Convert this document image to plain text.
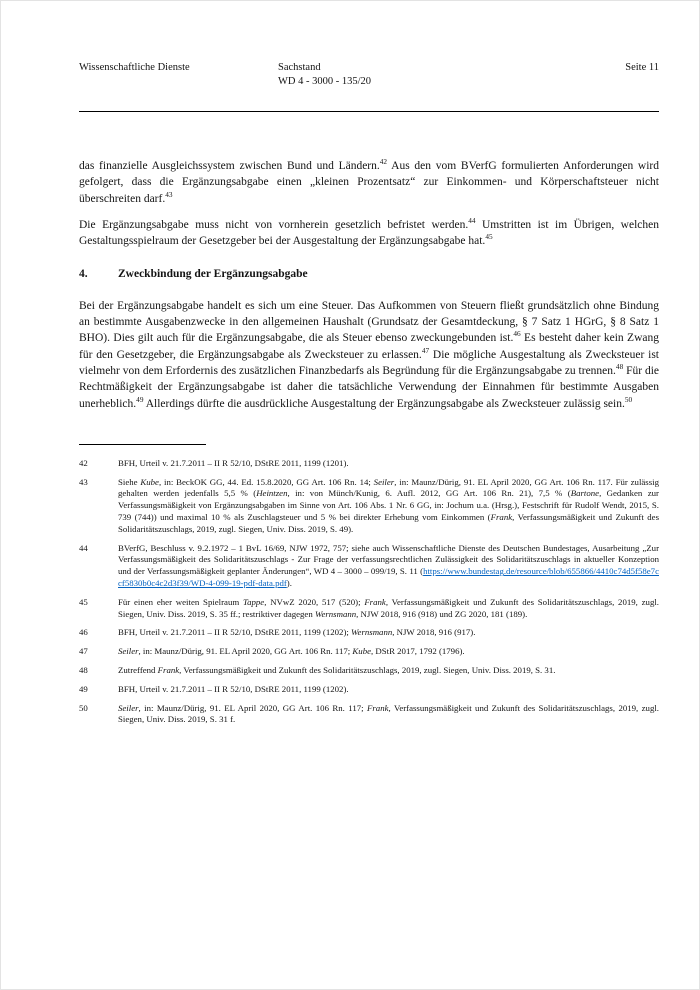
Wissenschaftliche Dienste	Sachstand
WD 4 - 3000 - 135/20
Seite 11

das finanzielle Ausgleichssystem zwischen Bund und Ländern.$^{42}$ Aus den vom BVerfG formulierten Anforderungen wird gefolgert, dass die Ergänzungsabgabe einen „kleinen Prozentsatz“ zur Einkommen- und Körperschaftsteuer nicht überschreiten darf.$^{43}$

Die Ergänzungsabgabe muss nicht von vornherein gesetzlich befristet werden.$^{44}$ Umstritten ist im Übrigen, welchen Gestaltungsspielraum der Gesetzgeber bei der Ausgestaltung der Ergänzungsabgabe hat.$^{45}$

4.	Zweckbindung der Ergänzungsabgabe

Bei der Ergänzungsabgabe handelt es sich um eine Steuer. Das Aufkommen von Steuern fließt grundsätzlich ohne Bindung an bestimmte Ausgabenzwecke in den allgemeinen Haushalt (Grundsatz der Gesamtdeckung, § 7 Satz 1 HGrG, § 8 Satz 1 BHO). Dies gilt auch für die Ergänzungsabgabe, die als Steuer ebenso zweckungebunden ist.$^{46}$ Es besteht daher kein Zwang für den Gesetzgeber, die Ergänzungsabgabe als Zwecksteuer zu erlassen.$^{47}$ Die mögliche Ausgestaltung als Zwecksteuer ist vielmehr von dem Erfordernis des zusätzlichen Finanzbedarfs als Begründung für die Ergänzungsabgabe zu trennen.$^{48}$ Für die Rechtmäßigkeit der Ergänzungsabgabe ist daher die tatsächliche Verwendung der Einnahmen für bestimmte Ausgaben unerheblich.$^{49}$ Allerdings dürfte die ausdrückliche Ausgestaltung der Ergänzungsabgabe als Zwecksteuer zulässig sein.$^{50}$

42	BFH, Urteil v. 21.7.2011 – II R 52/10, DStRE 2011, 1199 (1201).
43	Siehe Kube, in: BeckOK GG, 44. Ed. 15.8.2020, GG Art. 106 Rn. 14; Seiler, in: Maunz/Dürig, 91. EL April 2020, GG Art. 106 Rn. 117. Für zulässig gehalten werden jedenfalls 5,5 % (Heintzen, in: von Münch/Kunig, 6. Aufl. 2012, GG Art. 106 Rn. 21), 7,5 % (Bartone, Gedanken zur Verfassungsmäßigkeit von Ergänzungsabgaben im Sinne von Art. 106 Abs. 1 Nr. 6 GG, in: Jochum u.a. (Hrsg.), Festschrift für Rudolf Wendt, 2015, S. 739 (744)) und maximal 10 % als Zuschlagsteuer und 5 % bei direkter Erhebung vom Einkommen (Frank, Verfassungsmäßigkeit und Zukunft des Solidaritätszuschlags, 2019, zugl. Siegen, Univ. Diss. 2019, S. 49).
44	BVerfG, Beschluss v. 9.2.1972 – 1 BvL 16/69, NJW 1972, 757; siehe auch Wissenschaftliche Dienste des Deutschen Bundestages, Ausarbeitung „Zur Verfassungsmäßigkeit des Solidaritätszuschlags - Zur Frage der verfassungsrechtlichen Zulässigkeit des Solidaritätszuschlags in aktueller Konzeption und der Verfassungsmäßigkeit geplanter Änderungen“, WD 4 – 3000 – 099/19, S. 11 (https://www.bundestag.de/resource/blob/655866/4410c74d5f58e7ccf5830b0c4c2d3f39/WD-4-099-19-pdf-data.pdf).
45	Für einen eher weiten Spielraum Tappe, NVwZ 2020, 517 (520); Frank, Verfassungsmäßigkeit und Zukunft des Solidaritätszuschlags, 2019, zugl. Siegen, Univ. Diss. 2019, S. 35 ff.; restriktiver dagegen Wernsmann, NJW 2018, 916 (918) und ZG 2020, 181 (189).
46	BFH, Urteil v. 21.7.2011 – II R 52/10, DStRE 2011, 1199 (1202); Wernsmann, NJW 2018, 916 (917).
47	Seiler, in: Maunz/Dürig, 91. EL April 2020, GG Art. 106 Rn. 117; Kube, DStR 2017, 1792 (1796).
48	Zutreffend Frank, Verfassungsmäßigkeit und Zukunft des Solidaritätszuschlags, 2019, zugl. Siegen, Univ. Diss. 2019, S. 31.
49	BFH, Urteil v. 21.7.2011 – II R 52/10, DStRE 2011, 1199 (1202).
50	Seiler, in: Maunz/Dürig, 91. EL April 2020, GG Art. 106 Rn. 117; Frank, Verfassungsmäßigkeit und Zukunft des Solidaritätszuschlags, 2019, zugl. Siegen, Univ. Diss. 2019, S. 31 f.
